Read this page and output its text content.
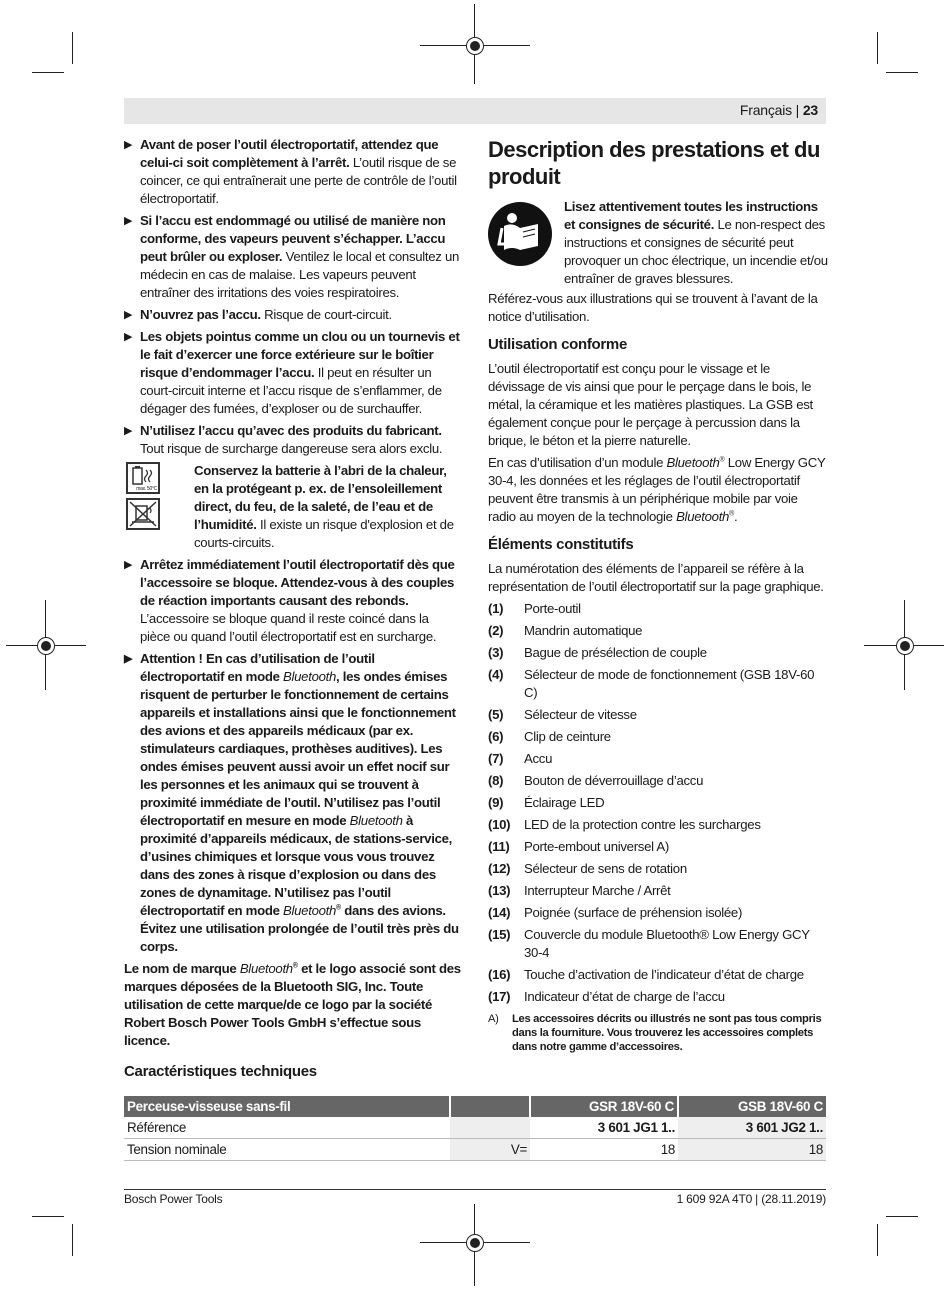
Français | 23
▶ Avant de poser l’outil électroportatif, attendez que celui-ci soit complètement à l’arrêt. L’outil risque de se coincer, ce qui entraînerait une perte de contrôle de l’outil électroportatif.
▶ Si l’accu est endommagé ou utilisé de manière non conforme, des vapeurs peuvent s’échapper. L’accu peut brûler ou exploser. Ventilez le local et consultez un médecin en cas de malaise. Les vapeurs peuvent entraîner des irritations des voies respiratoires.
▶ N’ouvrez pas l’accu. Risque de court-circuit.
▶ Les objets pointus comme un clou ou un tournevis et le fait d’exercer une force extérieure sur le boîtier risque d’endommager l’accu. Il peut en résulter un court-circuit interne et l’accu risque de s’enflammer, de dégager des fumées, d’exploser ou de surchauffer.
▶ N’utilisez l’accu qu’avec des produits du fabricant. Tout risque de surcharge dangereuse sera alors exclu.
max. 50°C
Conservez la batterie à l’abri de la chaleur, en la protégeant p. ex. de l’ensoleillement direct, du feu, de la saleté, de l’eau et de l’humidité. Il existe un risque d'explosion et de courts-circuits.
▶ Arrêtez immédiatement l’outil électroportatif dès que l’accessoire se bloque. Attendez-vous à des couples de réaction importants causant des rebonds. L’accessoire se bloque quand il reste coincé dans la pièce ou quand l’outil électroportatif est en surcharge.
▶ Attention ! En cas d’utilisation de l’outil électroportatif en mode Bluetooth, les ondes émises risquent de perturber le fonctionnement de certains appareils et installations ainsi que le fonctionnement des avions et des appareils médicaux (par ex. stimulateurs cardiaques, prothèses auditives). Les ondes émises peuvent aussi avoir un effet nocif sur les personnes et les animaux qui se trouvent à proximité immédiate de l’outil. N’utilisez pas l’outil électroportatif en mesure en mode Bluetooth à proximité d’appareils médicaux, de stations-service, d’usines chimiques et lorsque vous vous trouvez dans des zones à risque d’explosion ou dans des zones de dynamitage. N’utilisez pas l’outil électroportatif en mode Bluetooth® dans des avions. Évitez une utilisation prolongée de l’outil très près du corps.

Le nom de marque Bluetooth® et le logo associé sont des marques déposées de la Bluetooth SIG, Inc. Toute utilisation de cette marque/de ce logo par la société Robert Bosch Power Tools GmbH s’effectue sous licence.

Description des prestations et du produit
Lisez attentivement toutes les instructions et consignes de sécurité. Le non-respect des instructions et consignes de sécurité peut provoquer un choc électrique, un incendie et/ou entraîner de graves blessures.

Référez-vous aux illustrations qui se trouvent à l’avant de la notice d’utilisation.

Utilisation conforme

L’outil électroportatif est conçu pour le vissage et le dévissage de vis ainsi que pour le perçage dans le bois, le métal, la céramique et les matières plastiques. La GSB est également conçue pour le perçage à percussion dans la brique, le béton et la pierre naturelle.

En cas d’utilisation d’un module Bluetooth® Low Energy GCY 30-4, les données et les réglages de l’outil électroportatif peuvent être transmis à un périphérique mobile par voie radio au moyen de la technologie Bluetooth®.

Éléments constitutifs

La numérotation des éléments de l’appareil se réfère à la représentation de l’outil électroportatif sur la page graphique.

(1)	Porte-outil
(2)	Mandrin automatique
(3)	Bague de présélection de couple
(4)	Sélecteur de mode de fonctionnement (GSB 18V-60 C)
(5)	Sélecteur de vitesse
(6)	Clip de ceinture
(7)	Accu
(8)	Bouton de déverrouillage d’accu
(9)	Éclairage LED
(10)	LED de la protection contre les surcharges
(11)	Porte-embout universel A)
(12)	Sélecteur de sens de rotation
(13)	Interrupteur Marche / Arrêt
(14)	Poignée (surface de préhension isolée)
(15)	Couvercle du module Bluetooth® Low Energy GCY 30-4
(16)	Touche d’activation de l’indicateur d’état de charge
(17)	Indicateur d’état de charge de l’accu
A)	Les accessoires décrits ou illustrés ne sont pas tous compris dans la fourniture. Vous trouverez les accessoires complets dans notre gamme d’accessoires.
Caractéristiques techniques
Perceuse-visseuse sans-fil		GSR 18V-60 C	GSB 18V-60 C
Référence		3 601 JG1 1..	3 601 JG2 1..
Tension nominale	V=	18	18
Bosch Power Tools	1 609 92A 4T0 | (28.11.2019)
